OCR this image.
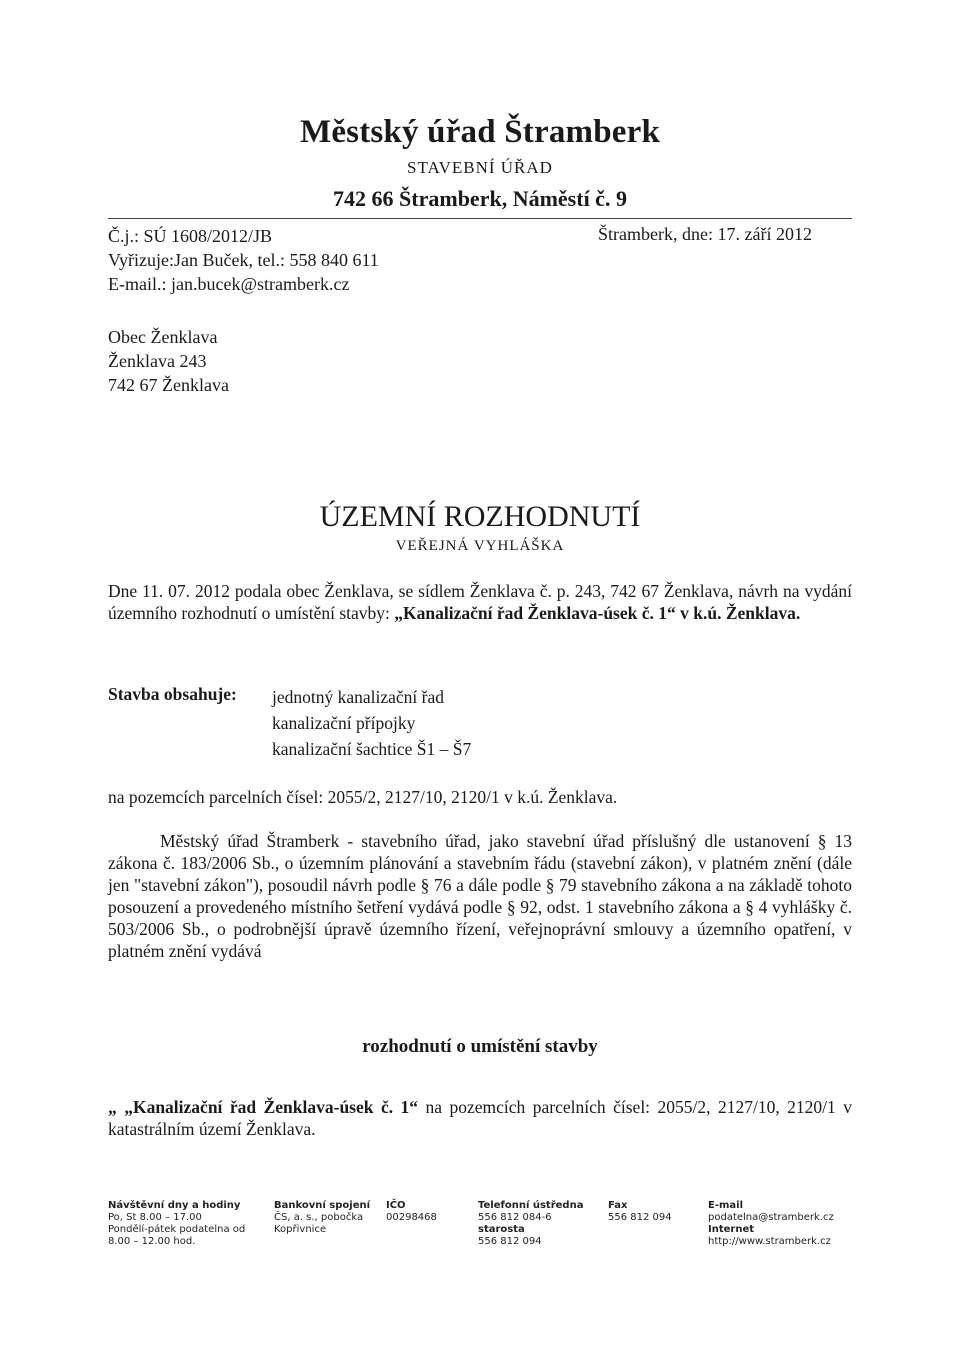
Městský úřad Štramberk
STAVEBNÍ ÚŘAD
742 66 Štramberk, Náměstí č. 9
Č.j.: SÚ 1608/2012/JB
Vyřizuje:Jan Buček, tel.: 558 840 611
E-mail.: jan.bucek@stramberk.cz
Štramberk, dne: 17. září 2012
Obec Ženklava
Ženklava 243
742 67 Ženklava
ÚZEMNÍ ROZHODNUTÍ
VEŘEJNÁ VYHLÁŠKA
Dne 11. 07. 2012 podala obec Ženklava, se sídlem Ženklava č. p. 243, 742 67 Ženklava, návrh na vydání územního rozhodnutí o umístění stavby: „Kanalizační řad Ženklava-úsek č. 1“ v k.ú. Ženklava.
Stavba obsahuje: jednotný kanalizační řad
kanalizační přípojky
kanalizační šachtice Š1 – Š7
na pozemcích parcelních čísel: 2055/2, 2127/10, 2120/1 v k.ú. Ženklava.
Městský úřad Štramberk - stavebního úřad, jako stavební úřad příslušný dle ustanovení § 13 zákona č. 183/2006 Sb., o územním plánování a stavebním řádu (stavební zákon), v platném znění (dále jen "stavební zákon"), posoudil návrh podle § 76 a dále podle § 79 stavebního zákona a na základě tohoto posouzení a provedeného místního šetření vydává podle § 92, odst. 1 stavebního zákona a § 4 vyhlášky č. 503/2006 Sb., o podrobnější úpravě územního řízení, veřejnoprávní smlouvy a územního opatření, v platném znění vydává
rozhodnutí o umístění stavby
„ „Kanalizační řad Ženklava-úsek č. 1“ na pozemcích parcelních čísel: 2055/2, 2127/10, 2120/1 v katastrálním území Ženklava.
Návštěvní dny a hodiny
Po, St 8.00 – 17.00
Pondělí-pátek podatelna od
8.00 – 12.00 hod.
Bankovní spojení
ČS, a. s., pobočka
Kopřivnice
IČO
00298468
Telefonní ústředna
556 812 084-6
starosta
556 812 094
Fax
556 812 094
E-mail
podatelna@stramberk.cz
Internet
http://www.stramberk.cz
